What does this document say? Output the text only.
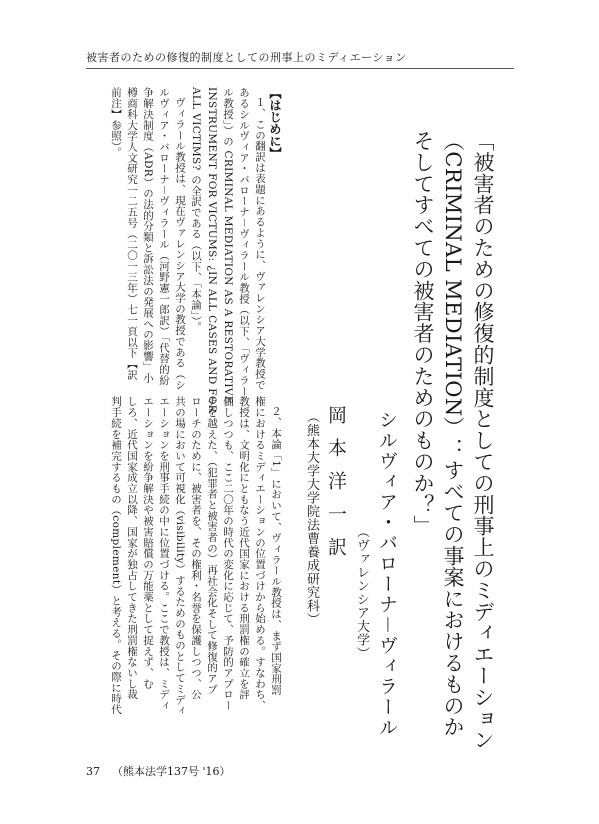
被害者のための修復的制度としての刑事上のミディエーション
「被害者のための修復的制度としての刑事上のミディエーション
（CRIMINAL MEDIATION）：すべての事案におけるものか
そしてすべての被害者のためのものか？」
シルヴィア・バローナ－ヴィラール
（ヴァレンシア大学）
岡本洋一訳
（熊本大学大学院法曹養成研究科）
【はじめに】
１、この翻訳は表題にあるように、ヴァレンシア大学教授で
あるシルヴィア・バローナ－ヴィラール教授（以下、「ヴィラー
ル教授」）の CRIMINAL MEDIATION AS A RESTORATIVE
INSTRUMENT FOR VICTUMS: ¿IN ALL CASES AND FOR
ALL VICTIMS? の全訳である（以下、「本論」）。
ヴィラール教授は、現在ヴァレンシア大学の教授である（シ
ルヴィア・バローナ－ヴィラール（河野憲一郎訳）「代替的紛
争解決制度（ADR）の法的分類と訴訟法の発展への影響」小
樽商科大学人文研究一二五号（二〇一三年）七一頁以下【訳
前注】参照）。
２、本論「1」において、ヴィラール教授は、まず国家刑罰
権におけるミディエーションの位置づけから始める。すなわち、
教授は、文明化にともなう近代国家における刑罰権の確立を評
価しつつも、ここ二〇年の時代の変化に応じて、予防的アプロー
チを越えた、（犯罪者と被害者の）再社会化そして修復的アプ
ローチのために、被害者を、その権利・名誉を保護しつつ、公
共の場において可視化（visibility）するためのものとしてミディ
エーションを刑事手続の中に位置づける。ここで教授は、ミディ
エーションを紛争解決や被害賠償の万能薬として捉えず、む
しろ、近代国家成立以降、国家が独占してきた刑罰権ないし裁
判手続を補完するもの（complement）と考える。その際に時代
37 （熊本法学137号 '16）
